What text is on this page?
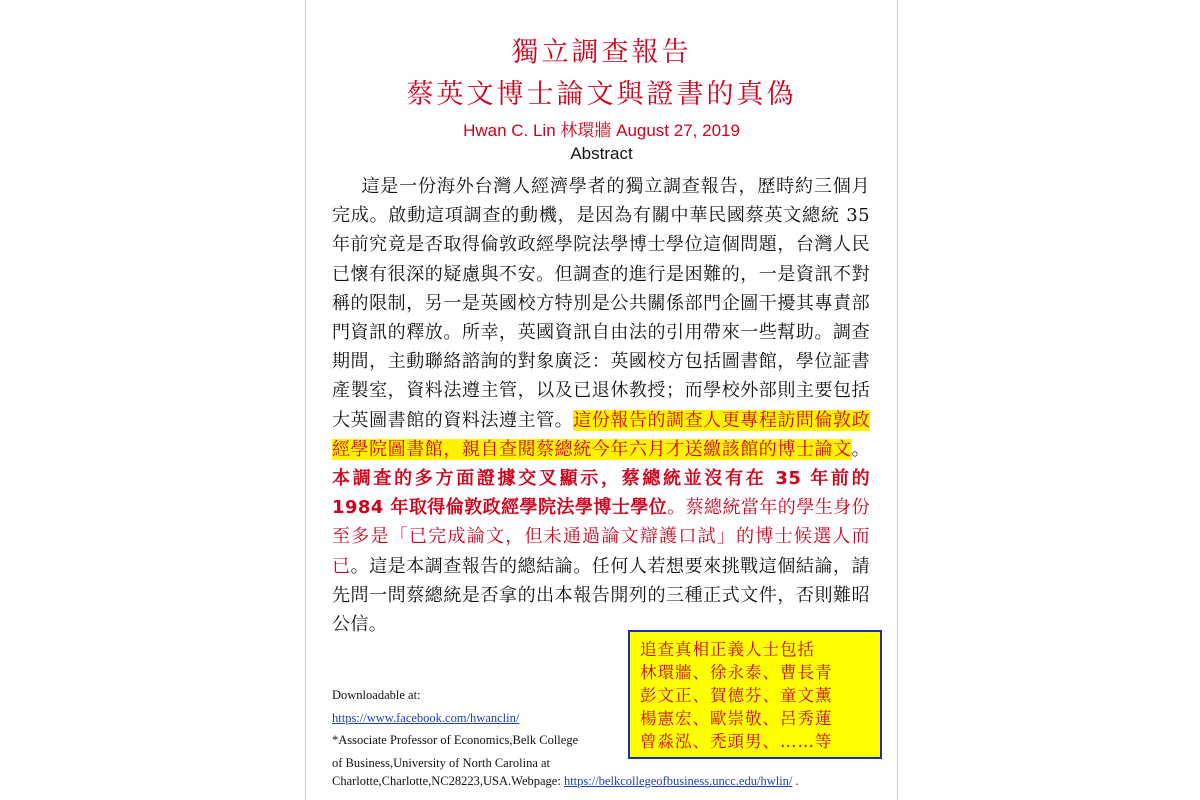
獨立調查報告
蔡英文博士論文與證書的真偽
Hwan C. Lin 林環牆 August 27, 2019
Abstract
這是一份海外台灣人經濟學者的獨立調查報告，歷時約三個月完成。啟動這項調查的動機，是因為有關中華民國蔡英文總統 35 年前究竟是否取得倫敦政經學院法學博士學位這個問題，台灣人民已懷有很深的疑慮與不安。但調查的進行是困難的，一是資訊不對稱的限制，另一是英國校方特別是公共關係部門企圖干擾其專責部門資訊的釋放。所幸，英國資訊自由法的引用帶來一些幫助。調查期間，主動聯絡諮詢的對象廣泛：英國校方包括圖書館，學位証書產製室，資料法遵主管，以及已退休教授；而學校外部則主要包括大英圖書館的資料法遵主管。這份報告的調查人更專程訪問倫敦政經學院圖書館，親自查閱蔡總統今年六月才送繳該館的博士論文。本調查的多方面證據交叉顯示，蔡總統並沒有在 35 年前的 1984 年取得倫敦政經學院法學博士學位。蔡總統當年的學生身份至多是「已完成論文，但未通過論文辯護口試」的博士候選人而已。這是本調查報告的總結論。任何人若想要來挑戰這個結論，請先問一問蔡總統是否拿的出本報告開列的三種正式文件，否則難昭公信。
Downloadable at:
https://www.facebook.com/hwanclin/
*Associate Professor of Economics,Belk College
of Business,University of North Carolina at
Charlotte,Charlotte,NC28223,USA.Webpage: https://belkcollegeofbusiness.uncc.edu/hwlin/ .
追查真相正義人士包括
林環牆、徐永泰、曹長青
彭文正、賀德芬、童文薰
楊憲宏、歐崇敬、呂秀蓮
曾淼泓、禿頭男、……等
